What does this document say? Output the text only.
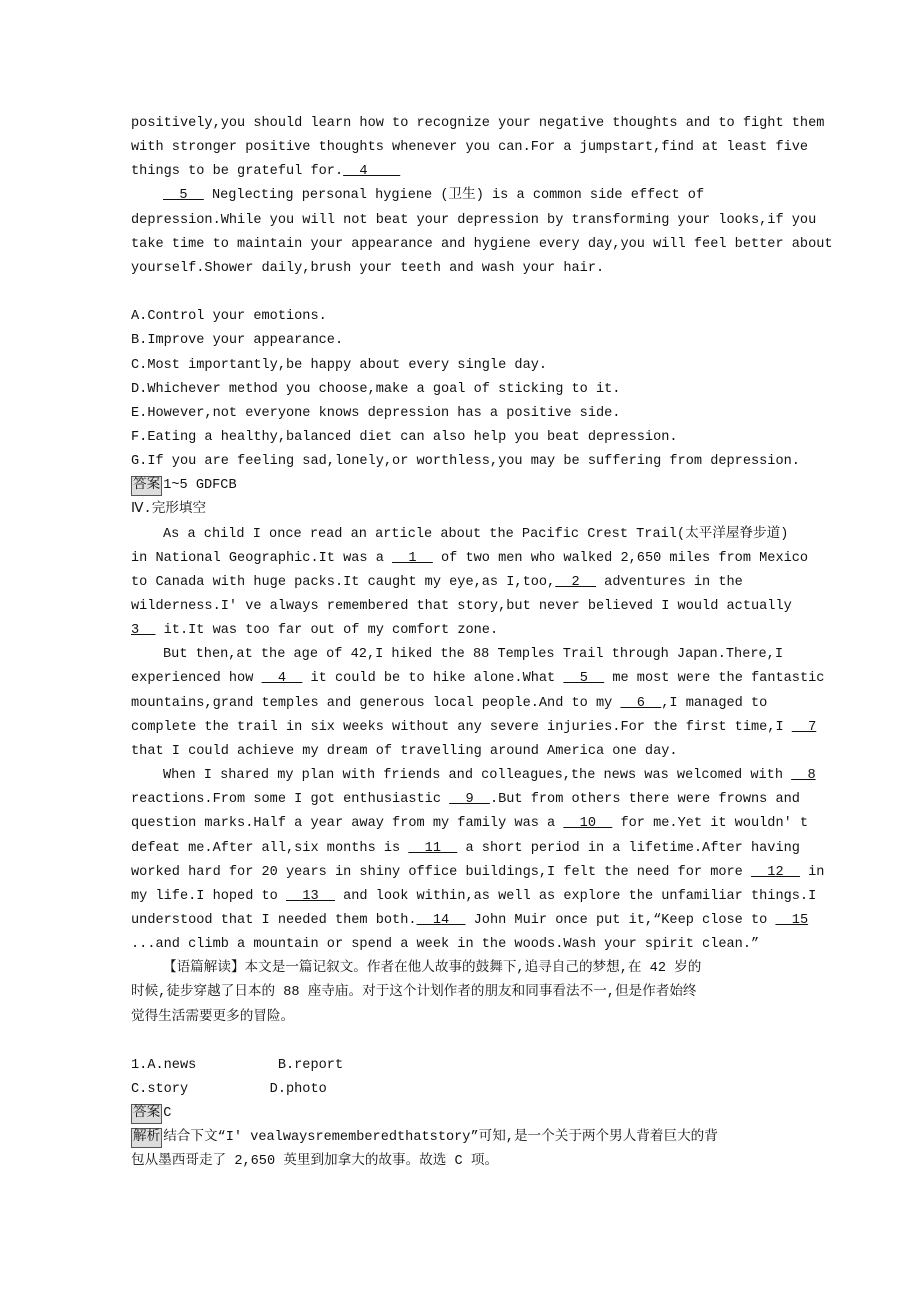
positively,you should learn how to recognize your negative thoughts and to fight them
with stronger positive thoughts whenever you can.For a jumpstart,find at least five
things to be grateful for.  4
5   Neglecting personal hygiene (卫生) is a common side effect of
depression.While you will not beat your depression by transforming your looks,if you
take time to maintain your appearance and hygiene every day,you will feel better about
yourself.Shower daily,brush your teeth and wash your hair.
A.Control your emotions.
B.Improve your appearance.
C.Most importantly,be happy about every single day.
D.Whichever method you choose,make a goal of sticking to it.
E.However,not everyone knows depression has a positive side.
F.Eating a healthy,balanced diet can also help you beat depression.
G.If you are feeling sad,lonely,or worthless,you may be suffering from depression.
答案 1~5 GDFCB
Ⅳ.完形填空
As a child I once read an article about the Pacific Crest Trail(太平洋屋脊步道)
in National Geographic.It was a   1   of two men who walked 2,650 miles from Mexico
to Canada with huge packs.It caught my eye,as I,too,  2   adventures in the
wilderness.I' ve always remembered that story,but never believed I would actually
3   it.It was too far out of my comfort zone.
But then,at the age of 42,I hiked the 88 Temples Trail through Japan.There,I
experienced how   4   it could be to hike alone.What   5   me most were the fantastic
mountains,grand temples and generous local people.And to my   6  ,I managed to
complete the trail in six weeks without any severe injuries.For the first time,I   7
that I could achieve my dream of travelling around America one day.
When I shared my plan with friends and colleagues,the news was welcomed with   8
reactions.From some I got enthusiastic   9  .But from others there were frowns and
question marks.Half a year away from my family was a   10   for me.Yet it wouldn' t
defeat me.After all,six months is   11   a short period in a lifetime.After having
worked hard for 20 years in shiny office buildings,I felt the need for more   12   in
my life.I hoped to   13   and look within,as well as explore the unfamiliar things.I
understood that I needed them both.  14   John Muir once put it,“Keep close to   15
...and climb a mountain or spend a week in the woods.Wash your spirit clean.”
【语篇解读】本文是一篇记叙文。作者在他人故事的鼓舞下,追寻自己的梦想,在 42 岁的
时候,徒步穿越了日本的 88 座寺庙。对于这个计划作者的朋友和同事看法不一,但是作者始终
觉得生活需要更多的冒险。
1.A.news          B.report
C.story          D.photo
答案 C
解析 结合下文“I' vealwaysrememberedthatstory”可知,是一个关于两个男人背着巨大的背
包从墨西哥走了 2,650 英里到加拿大的故事。故选 C 项。
